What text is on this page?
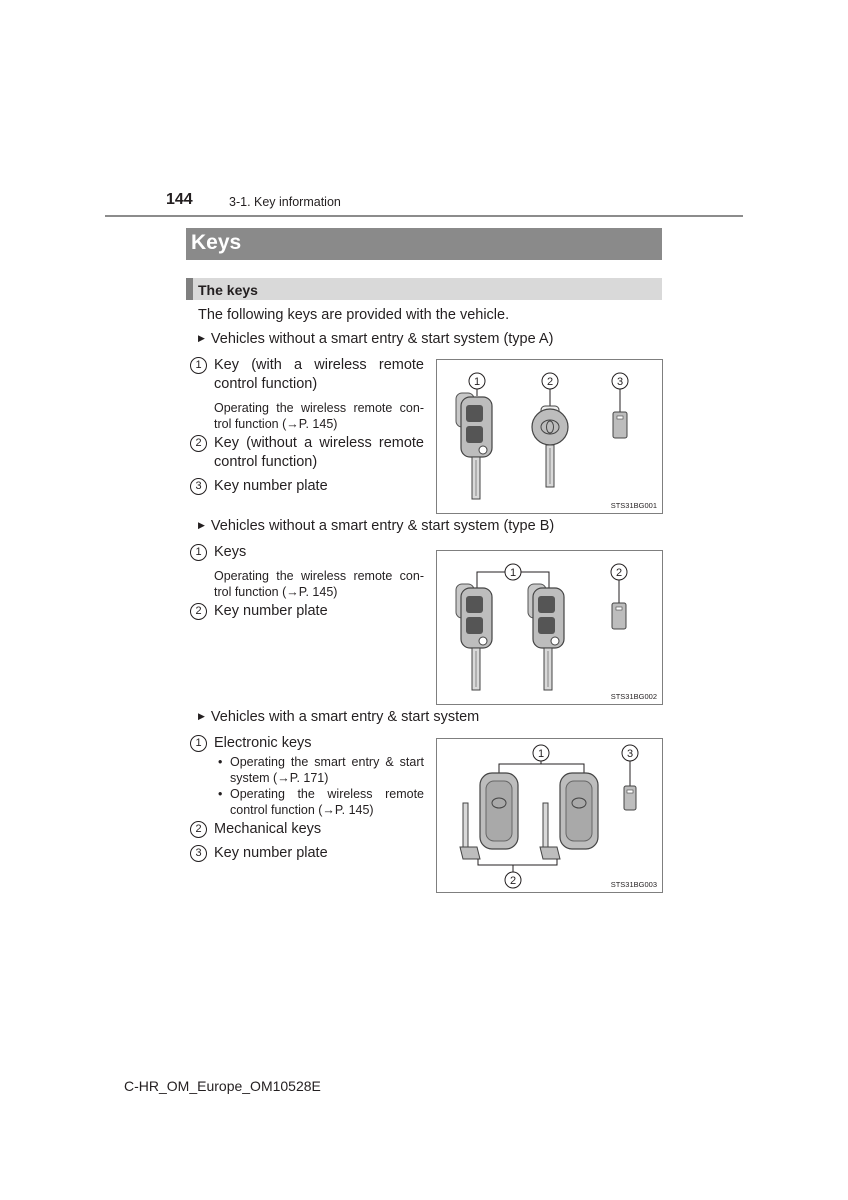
144	3-1. Key information
Keys
The keys
The following keys are provided with the vehicle.
▶ Vehicles without a smart entry & start system (type A)
1 Key (with a wireless remote control function)
Operating the wireless remote con-trol function (→P. 145)
2 Key (without a wireless remote control function)
3 Key number plate
1	2	3
STS31BG001
▶ Vehicles without a smart entry & start system (type B)
1 Keys
Operating the wireless remote con-trol function (→P. 145)
2 Key number plate
1	2
STS31BG002
▶ Vehicles with a smart entry & start system
1 Electronic keys
• Operating the smart entry & start system (→P. 171)
• Operating the wireless remote control function (→P. 145)
2 Mechanical keys
3 Key number plate
1
2
3
STS31BG003
C-HR_OM_Europe_OM10528E
